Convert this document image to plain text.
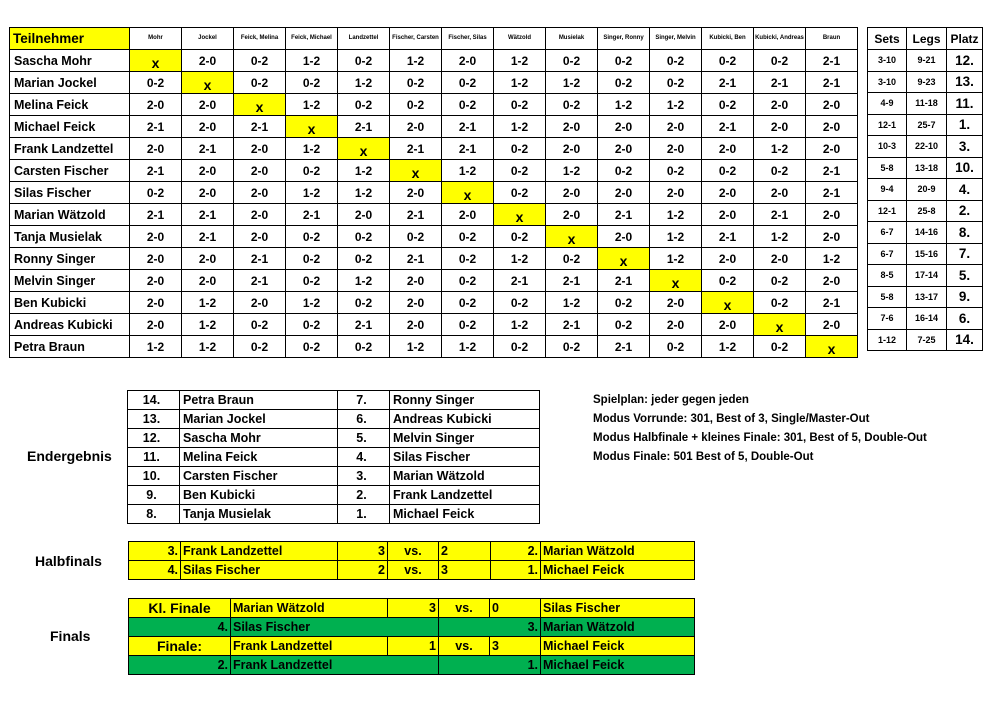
Teilnehmer	Mohr	Jockel	Feick, Melina	Feick, Michael	Landzettel	Fischer, Carsten	Fischer, Silas	Wätzold	Musielak	Singer, Ronny	Singer, Melvin	Kubicki, Ben	Kubicki, Andreas	Braun
Sascha Mohr	x	2-0	0-2	1-2	0-2	1-2	2-0	1-2	0-2	0-2	0-2	0-2	0-2	2-1
Marian Jockel	0-2	x	0-2	0-2	1-2	0-2	0-2	1-2	1-2	0-2	0-2	2-1	2-1	2-1
Melina Feick	2-0	2-0	x	1-2	0-2	0-2	0-2	0-2	0-2	1-2	1-2	0-2	2-0	2-0
Michael Feick	2-1	2-0	2-1	x	2-1	2-0	2-1	1-2	2-0	2-0	2-0	2-1	2-0	2-0
Frank Landzettel	2-0	2-1	2-0	1-2	x	2-1	2-1	0-2	2-0	2-0	2-0	2-0	1-2	2-0
Carsten Fischer	2-1	2-0	2-0	0-2	1-2	x	1-2	0-2	1-2	0-2	0-2	0-2	0-2	2-1
Silas Fischer	0-2	2-0	2-0	1-2	1-2	2-0	x	0-2	2-0	2-0	2-0	2-0	2-0	2-1
Marian Wätzold	2-1	2-1	2-0	2-1	2-0	2-1	2-0	x	2-0	2-1	1-2	2-0	2-1	2-0
Tanja Musielak	2-0	2-1	2-0	0-2	0-2	0-2	0-2	0-2	x	2-0	1-2	2-1	1-2	2-0
Ronny Singer	2-0	2-0	2-1	0-2	0-2	2-1	0-2	1-2	0-2	x	1-2	2-0	2-0	1-2
Melvin Singer	2-0	2-0	2-1	0-2	1-2	2-0	0-2	2-1	2-1	2-1	x	0-2	0-2	2-0
Ben Kubicki	2-0	1-2	2-0	1-2	0-2	2-0	0-2	0-2	1-2	0-2	2-0	x	0-2	2-1
Andreas Kubicki	2-0	1-2	0-2	0-2	2-1	2-0	0-2	1-2	2-1	0-2	2-0	2-0	x	2-0
Petra Braun	1-2	1-2	0-2	0-2	0-2	1-2	1-2	0-2	0-2	2-1	0-2	1-2	0-2	x
Sets	Legs	Platz
3-10	9-21	12.
3-10	9-23	13.
4-9	11-18	11.
12-1	25-7	1.
10-3	22-10	3.
5-8	13-18	10.
9-4	20-9	4.
12-1	25-8	2.
6-7	14-16	8.
6-7	15-16	7.
8-5	17-14	5.
5-8	13-17	9.
7-6	16-14	6.
1-12	7-25	14.
Endergebnis
14.	Petra Braun	7.	Ronny Singer
13.	Marian Jockel	6.	Andreas Kubicki
12.	Sascha Mohr	5.	Melvin Singer
11.	Melina Feick	4.	Silas Fischer
10.	Carsten Fischer	3.	Marian Wätzold
9.	Ben Kubicki	2.	Frank Landzettel
8.	Tanja Musielak	1.	Michael Feick
Spielplan: jeder gegen jeden
Modus Vorrunde: 301, Best of 3, Single/Master-Out
Modus Halbfinale + kleines Finale: 301, Best of 5, Double-Out
Modus Finale: 501 Best of 5, Double-Out
Halbfinals
3.	Frank Landzettel	3	vs.	2	2.	Marian Wätzold
4.	Silas Fischer	2	vs.	3	1.	Michael Feick
Finals
Kl. Finale	Marian Wätzold	3	vs.	0	Silas Fischer
4.	Silas Fischer		3.		Marian Wätzold
Finale:	Frank Landzettel	1	vs.	3	Michael Feick
2.	Frank Landzettel		1.		Michael Feick
